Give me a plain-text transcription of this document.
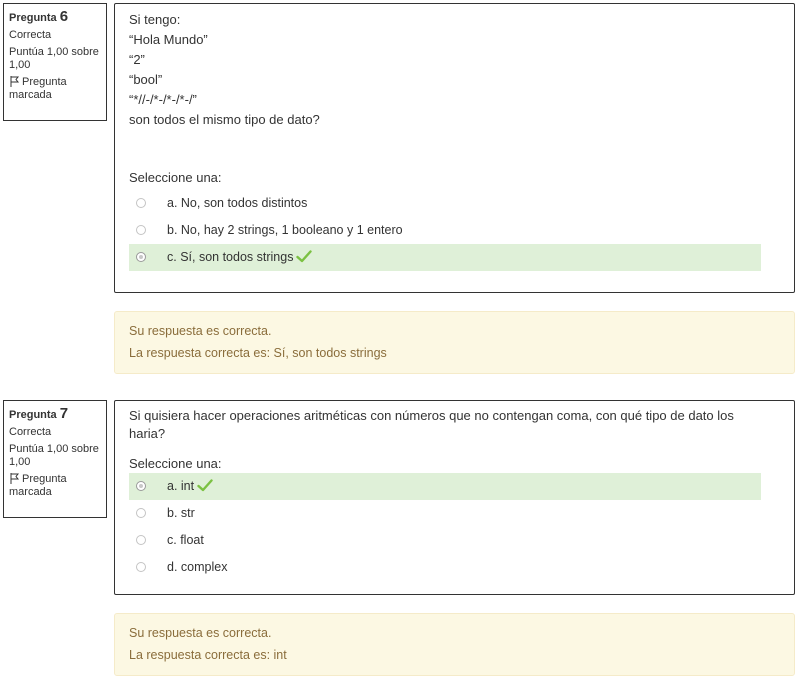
Pregunta 6
Correcta
Puntúa 1,00 sobre 1,00
Pregunta marcada
Si tengo:
“Hola Mundo”
“2”
“bool”
“*//-/*-/*-/*-/”
son todos el mismo tipo de dato?
Seleccione una:
a. No, son todos distintos
b. No, hay 2 strings, 1 booleano y 1 entero
c. Sí, son todos strings
Su respuesta es correcta.
La respuesta correcta es: Sí, son todos strings
Pregunta 7
Correcta
Puntúa 1,00 sobre 1,00
Pregunta marcada
Si quisiera hacer operaciones aritméticas con números que no contengan coma, con qué tipo de dato los haria?
Seleccione una:
a. int
b. str
c. float
d. complex
Su respuesta es correcta.
La respuesta correcta es: int
